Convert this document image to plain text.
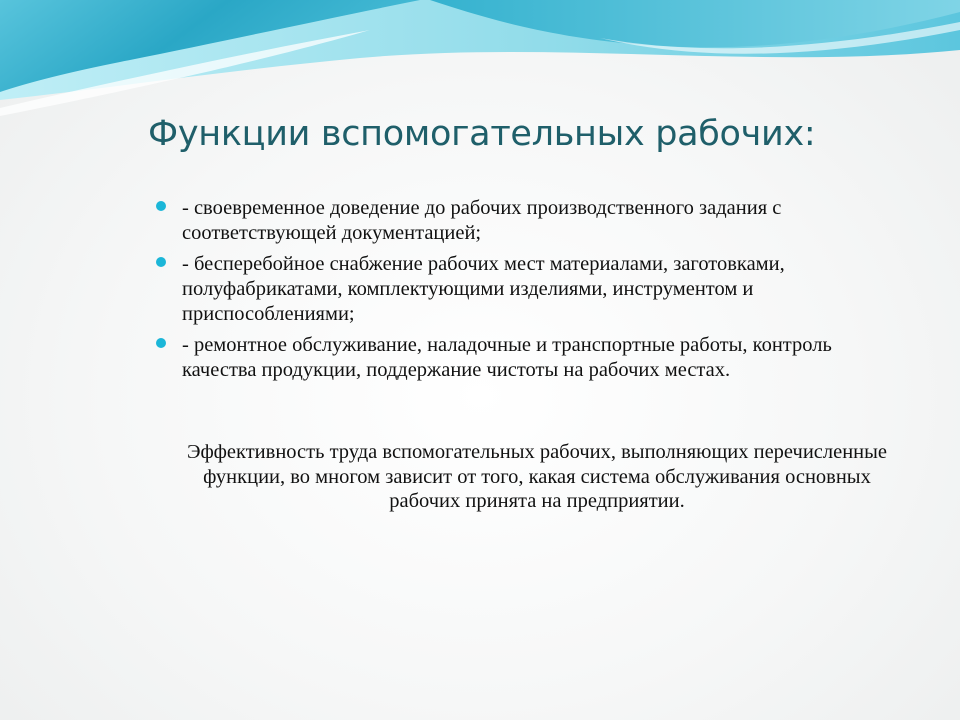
Функции вспомогательных рабочих:
- своевременное доведение до рабочих производственного задания с соответствующей документацией;
- бесперебойное снабжение рабочих мест материалами, заготовками, полуфабрикатами, комплектующими изделиями, инструментом и приспособлениями;
- ремонтное обслуживание, наладочные и транспортные работы, контроль качества продукции, поддержание чистоты на рабочих местах.

Эффективность труда вспомогательных рабочих, выполняющих перечисленные функции, во многом зависит от того, какая система обслуживания основных рабочих принята на предприятии.
